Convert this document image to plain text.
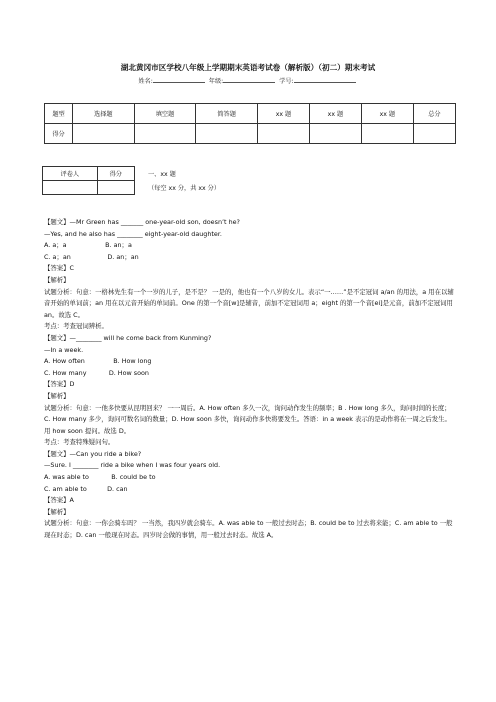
湖北黄冈市区学校八年级上学期期末英语考试卷（解析版）（初二）期末考试
姓名:	年级:	学号:
题型	选择题	填空题	简答题	xx 题	xx 题	xx 题	总分
得分							
评卷人	得分
		一、xx 题
（每空 xx 分，共 xx 分）
【题文】—Mr Green has _______ one-year-old son, doesn’t he?
—Yes, and he also has ________ eight-year-old daughter.
A. a；a                   B. an；a
C. a；an                  D. an；an
【答案】C
【解析】
试题分析：句意：一格林先生有一个一岁的儿子，是不是？ 一是的，他也有一个八岁的女儿。表示“一……”是不定冠词 a/an 的用法，a 用在以辅音开始的单词前；an 用在以元音开始的单词前。One 的第一个音[w]是辅音，前加不定冠词用 a；eight 的第一个音[ei]是元音，前加不定冠词用 an。故选 C。
考点：考查冠词辨析。
【题文】—________ will he come back from Kunming?
—In a week.
A. How often              B. How long
C. How many           D. How soon
【答案】D
【解析】
试题分析：句意：一他多快要从昆明回来？ 一一周后。A. How often 多久一次，询问动作发生的频率；B . How long 多久，询问时间的长度；C. How many 多少，询问可数名词的数量；D. How soon 多快，询问动作多快将要发生。答语：in a week 表示的是动作将在一周之后发生。用 how soon 提问。故选 D。
考点：考查特殊疑问句。
【题文】—Can you ride a bike?
—Sure. I ________ ride a bike when I was four years old.
A. was able to           B. could be to
C. am able to          D. can
【答案】A
【解析】
试题分析：句意：一你会骑车吗？ 一当然，我四岁就会骑车。A. was able to 一般过去时态；B. could be to 过去将来能；C. am able to 一般现在时态；D. can 一般现在时态。四岁时会做的事情，用一般过去时态。故选 A。
